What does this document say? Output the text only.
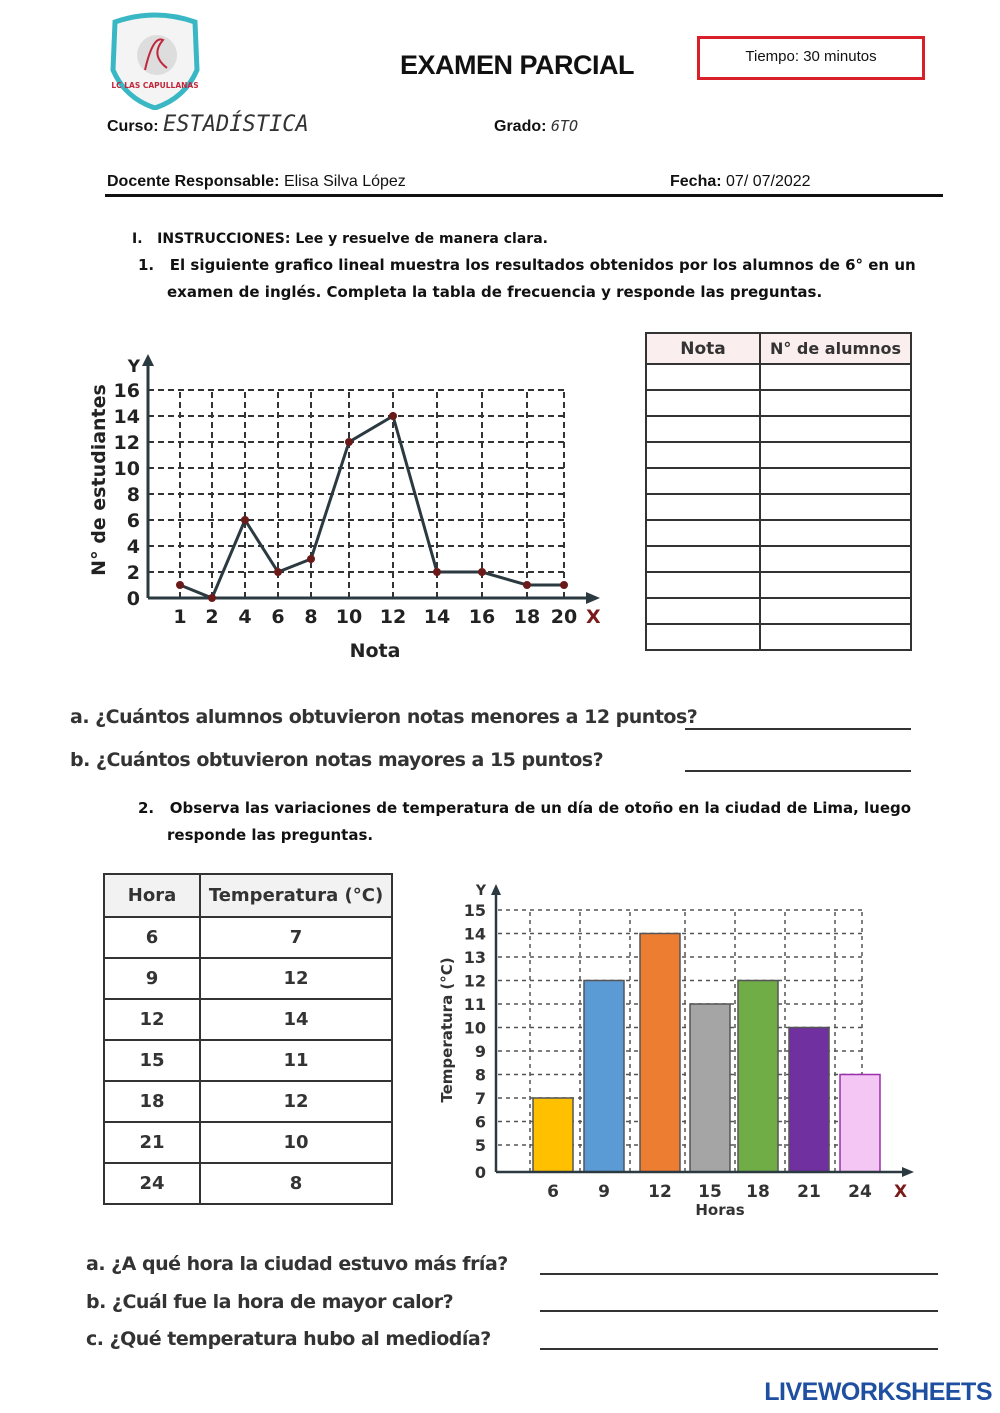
LC LAS CAPULLANAS
EXAMEN PARCIAL	Tiempo: 30 minutos
Curso: ESTADÍSTICA	Grado: 6TO
Docente Responsable: Elisa Silva López	Fecha: 07/ 07/2022
I.   INSTRUCCIONES: Lee y resuelve de manera clara.
1.   El siguiente grafico lineal muestra los resultados obtenidos por los alumnos de 6° en un
examen de inglés. Completa la tabla de frecuencia y responde las preguntas.
0
2
4
6
8
10
12
14
16
Y
X
1 2 4 6 8 10 12 14 16 18 20
Nota
N° de estudiantes
Nota	N° de alumnos

a. ¿Cuántos alumnos obtuvieron notas menores a 12 puntos?
b. ¿Cuántos obtuvieron notas mayores a 15 puntos?
2.   Observa las variaciones de temperatura de un día de otoño en la ciudad de Lima, luego
responde las preguntas.
Hora	Temperatura (°C)
6	7
9	12
12	14
15	11
18	12
21	10
24	8
0
5
6
7
8
9
10
11
12
13
14
15
Y
X
6 9 12 15 18 21 24
Horas
Temperatura (°C)
a. ¿A qué hora la ciudad estuvo más fría?
b. ¿Cuál fue la hora de mayor calor?
c. ¿Qué temperatura hubo al mediodía?
LIVEWORKSHEETS
